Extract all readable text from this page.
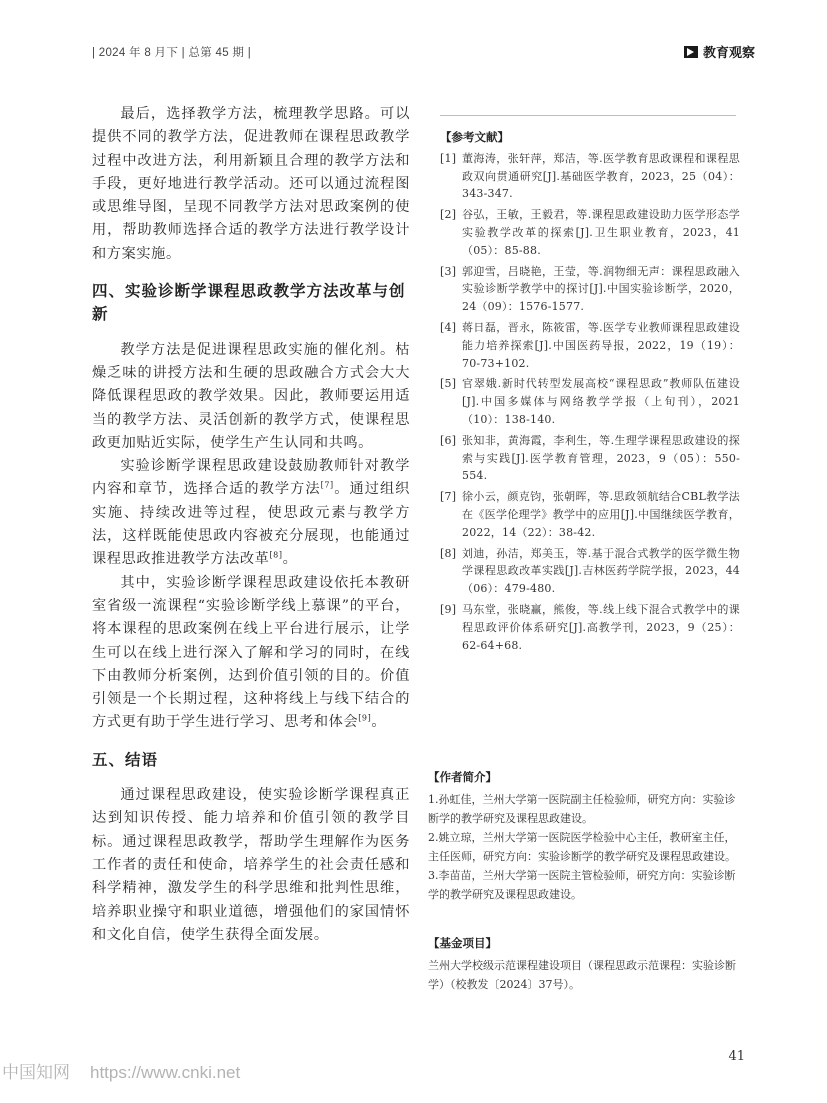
| 2024 年 8 月下 | 总第 45 期 |	教育观察

最后，选择教学方法，梳理教学思路。可以提供不同的教学方法，促进教师在课程思政教学过程中改进方法，利用新颖且合理的教学方法和手段，更好地进行教学活动。还可以通过流程图或思维导图，呈现不同教学方法对思政案例的使用，帮助教师选择合适的教学方法进行教学设计和方案实施。

四、实验诊断学课程思政教学方法改革与创新

教学方法是促进课程思政实施的催化剂。枯燥乏味的讲授方法和生硬的思政融合方式会大大降低课程思政的教学效果。因此，教师要运用适当的教学方法、灵活创新的教学方式，使课程思政更加贴近实际，使学生产生认同和共鸣。

实验诊断学课程思政建设鼓励教师针对教学内容和章节，选择合适的教学方法[7]。通过组织实施、持续改进等过程，使思政元素与教学方法，这样既能使思政内容被充分展现，也能通过课程思政推进教学方法改革[8]。

其中，实验诊断学课程思政建设依托本教研室省级一流课程“实验诊断学线上慕课”的平台，将本课程的思政案例在线上平台进行展示，让学生可以在线上进行深入了解和学习的同时，在线下由教师分析案例，达到价值引领的目的。价值引领是一个长期过程，这种将线上与线下结合的方式更有助于学生进行学习、思考和体会[9]。

五、结语

通过课程思政建设，使实验诊断学课程真正达到知识传授、能力培养和价值引领的教学目标。通过课程思政教学，帮助学生理解作为医务工作者的责任和使命，培养学生的社会责任感和科学精神，激发学生的科学思维和批判性思维，培养职业操守和职业道德，增强他们的家国情怀和文化自信，使学生获得全面发展。

【参考文献】
[1] 董海涛，张轩萍，郑洁，等.医学教育思政课程和课程思政双向贯通研究[J].基础医学教育，2023，25（04）：343-347.
[2] 谷弘，王敏，王毅君，等.课程思政建设助力医学形态学实验教学改革的探索[J].卫生职业教育，2023，41（05）：85-88.
[3] 郭迎雪，吕晓艳，王莹，等.润物细无声：课程思政融入实验诊断学教学中的探讨[J].中国实验诊断学，2020，24（09）：1576-1577.
[4] 蒋日磊，晋永，陈筱雷，等.医学专业教师课程思政建设能力培养探索[J].中国医药导报，2022，19（19）：70-73+102.
[5] 官翠娥.新时代转型发展高校“课程思政”教师队伍建设[J].中国多媒体与网络教学学报（上旬刊），2021（10）：138-140.
[6] 张知非，黄海霞，李利生，等.生理学课程思政建设的探索与实践[J].医学教育管理，2023，9（05）：550-554.
[7] 徐小云，颜克钧，张朝晖，等.思政领航结合CBL教学法在《医学伦理学》教学中的应用[J].中国继续医学教育，2022，14（22）：38-42.
[8] 刘迪，孙洁，郑美玉，等.基于混合式教学的医学微生物学课程思政改革实践[J].吉林医药学院学报，2023，44（06）：479-480.
[9] 马东堂，张晓赢，熊俊，等.线上线下混合式教学中的课程思政评价体系研究[J].高教学刊，2023，9（25）：62-64+68.
【作者简介】
1.孙虹佳，兰州大学第一医院副主任检验师，研究方向：实验诊断学的教学研究及课程思政建设。
2.姚立琼，兰州大学第一医院医学检验中心主任，教研室主任，主任医师，研究方向：实验诊断学的教学研究及课程思政建设。
3.李苗苗，兰州大学第一医院主管检验师，研究方向：实验诊断学的教学研究及课程思政建设。
【基金项目】
兰州大学校级示范课程建设项目（课程思政示范课程：实验诊断学）（校教发〔2024〕37号）。
41
中国知网 https://www.cnki.net
